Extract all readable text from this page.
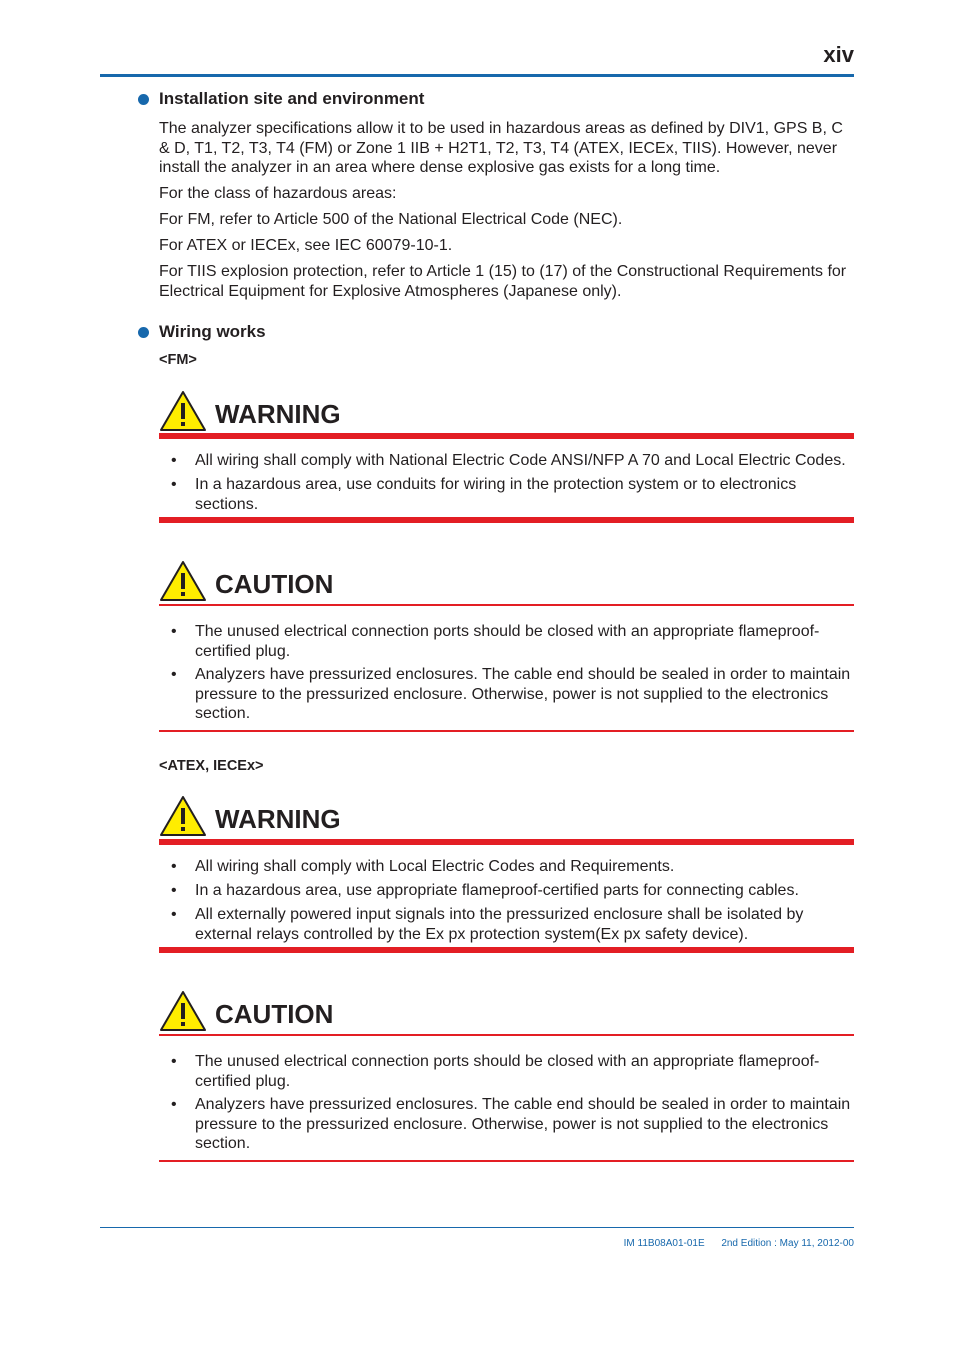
xiv
Installation site and environment
The analyzer specifications allow it to be used in hazardous areas as defined by DIV1, GPS B, C & D, T1, T2, T3, T4 (FM) or Zone 1 IIB + H2T1, T2, T3, T4 (ATEX, IECEx, TIIS). However, never install the analyzer in an area where dense explosive gas exists for a long time.
For the class of hazardous areas:
For FM, refer to Article 500 of the National Electrical Code (NEC).
For ATEX or IECEx, see IEC 60079-10-1.
For TIIS explosion protection, refer to Article 1 (15) to (17) of the Constructional Requirements for Electrical Equipment for Explosive Atmospheres (Japanese only).
Wiring works
<FM>
WARNING
• All wiring shall comply with National Electric Code ANSI/NFP A 70 and Local Electric Codes.
• In a hazardous area, use conduits for wiring in the protection system or to electronics sections.
CAUTION
• The unused electrical connection ports should be closed with an appropriate flameproof-certified plug.
• Analyzers have pressurized enclosures. The cable end should be sealed in order to maintain pressure to the pressurized enclosure. Otherwise, power is not supplied to the electronics section.
<ATEX, IECEx>
WARNING
• All wiring shall comply with Local Electric Codes and Requirements.
• In a hazardous area, use appropriate flameproof-certified parts for connecting cables.
• All externally powered input signals into the pressurized enclosure shall be isolated by external relays controlled by the Ex px protection system(Ex px safety device).
CAUTION
• The unused electrical connection ports should be closed with an appropriate flameproof-certified plug.
• Analyzers have pressurized enclosures. The cable end should be sealed in order to maintain pressure to the pressurized enclosure. Otherwise, power is not supplied to the electronics section.
IM 11B08A01-01E 2nd Edition : May 11, 2012-00
